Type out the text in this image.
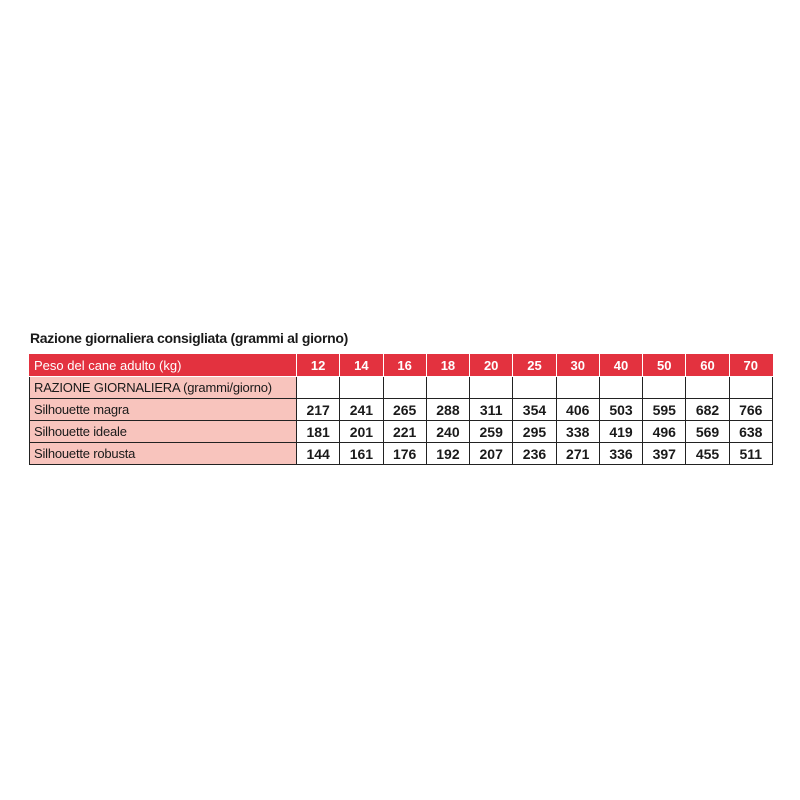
Razione giornaliera consigliata (grammi al giorno)
Peso del cane adulto (kg)	12	14	16	18	20	25	30	40	50	60	70
RAZIONE GIORNALIERA (grammi/giorno)											
Silhouette magra	217	241	265	288	311	354	406	503	595	682	766
Silhouette ideale	181	201	221	240	259	295	338	419	496	569	638
Silhouette robusta	144	161	176	192	207	236	271	336	397	455	511
